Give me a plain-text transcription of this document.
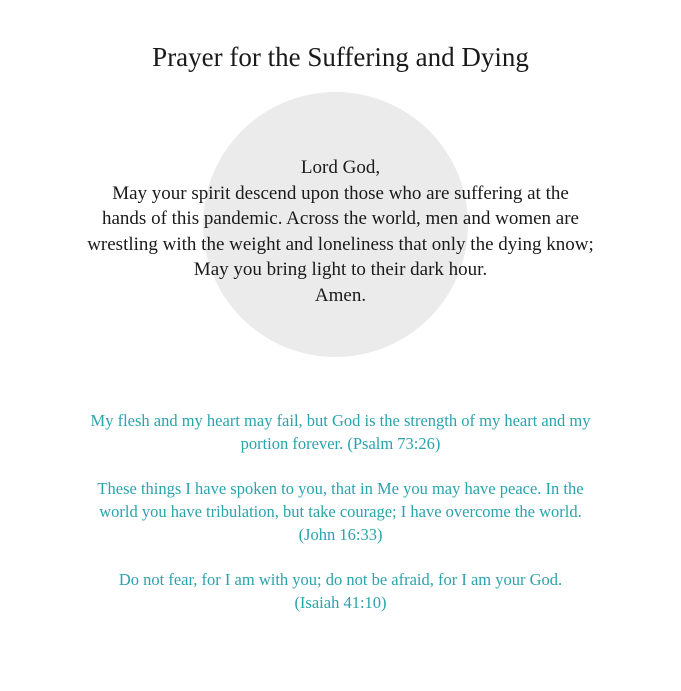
Prayer for the Suffering and Dying
Lord God,
May your spirit descend upon those who are suffering at the
hands of this pandemic. Across the world, men and women are
wrestling with the weight and loneliness that only the dying know;
May you bring light to their dark hour.
Amen.
My flesh and my heart may fail, but God is the strength of my heart and my
portion forever. (Psalm 73:26)
These things I have spoken to you, that in Me you may have peace. In the
world you have tribulation, but take courage; I have overcome the world.
(John 16:33)
Do not fear, for I am with you; do not be afraid, for I am your God.
(Isaiah 41:10)
